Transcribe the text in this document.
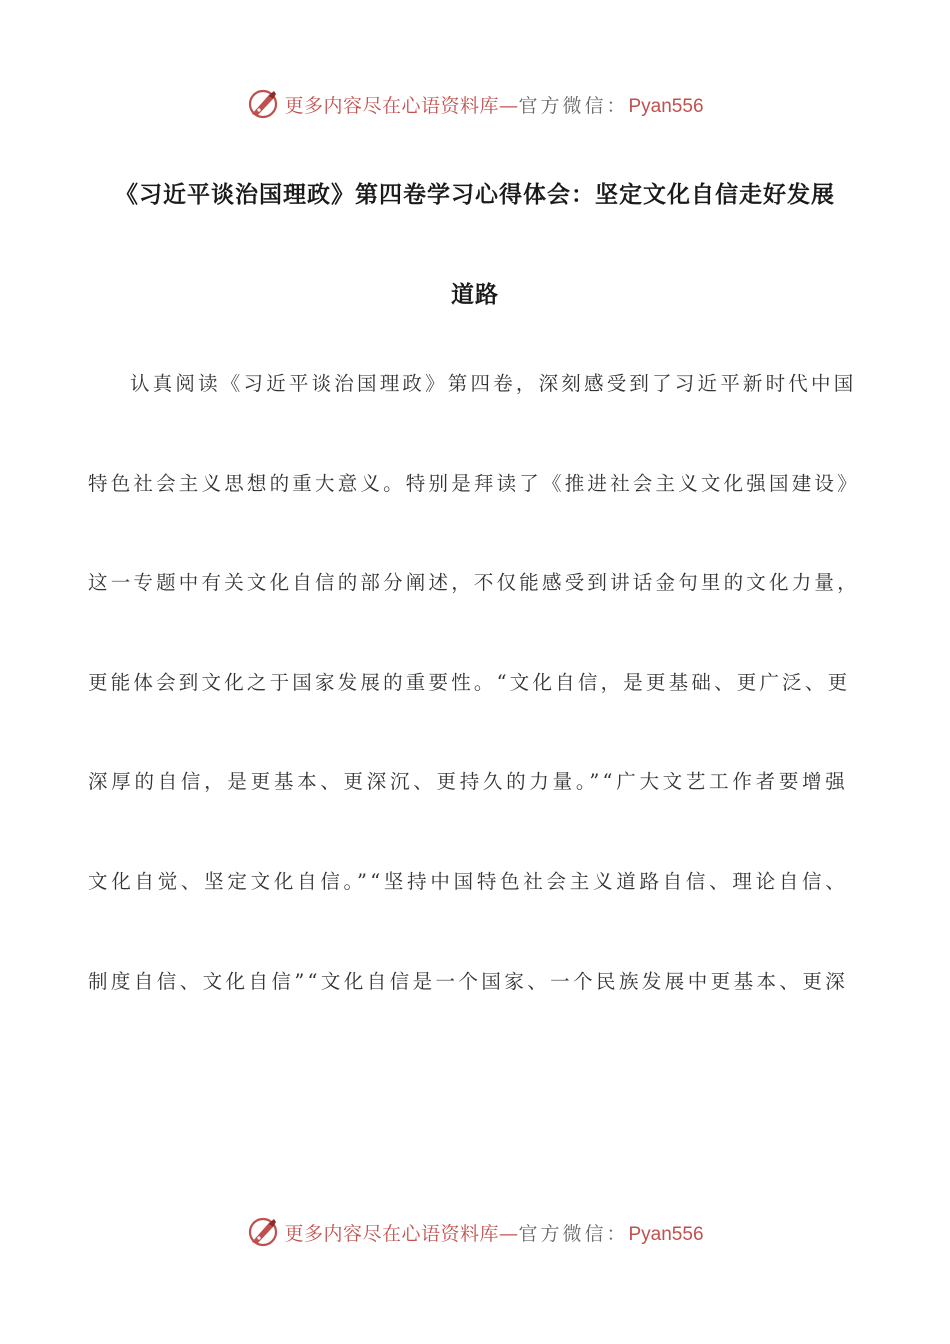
更多内容尽在心语资料库—官方微信：Pyan556
《习近平谈治国理政》第四卷学习心得体会：坚定文化自信走好发展
道路
认真阅读《习近平谈治国理政》第四卷，深刻感受到了习近平新时代中国
特色社会主义思想的重大意义。特别是拜读了《推进社会主义文化强国建设》
这一专题中有关文化自信的部分阐述，不仅能感受到讲话金句里的文化力量，
更能体会到文化之于国家发展的重要性。“文化自信，是更基础、更广泛、更
深厚的自信，是更基本、更深沉、更持久的力量。”“广大文艺工作者要增强
文化自觉、坚定文化自信。”“坚持中国特色社会主义道路自信、理论自信、
制度自信、文化自信”“文化自信是一个国家、一个民族发展中更基本、更深
更多内容尽在心语资料库—官方微信：Pyan556
